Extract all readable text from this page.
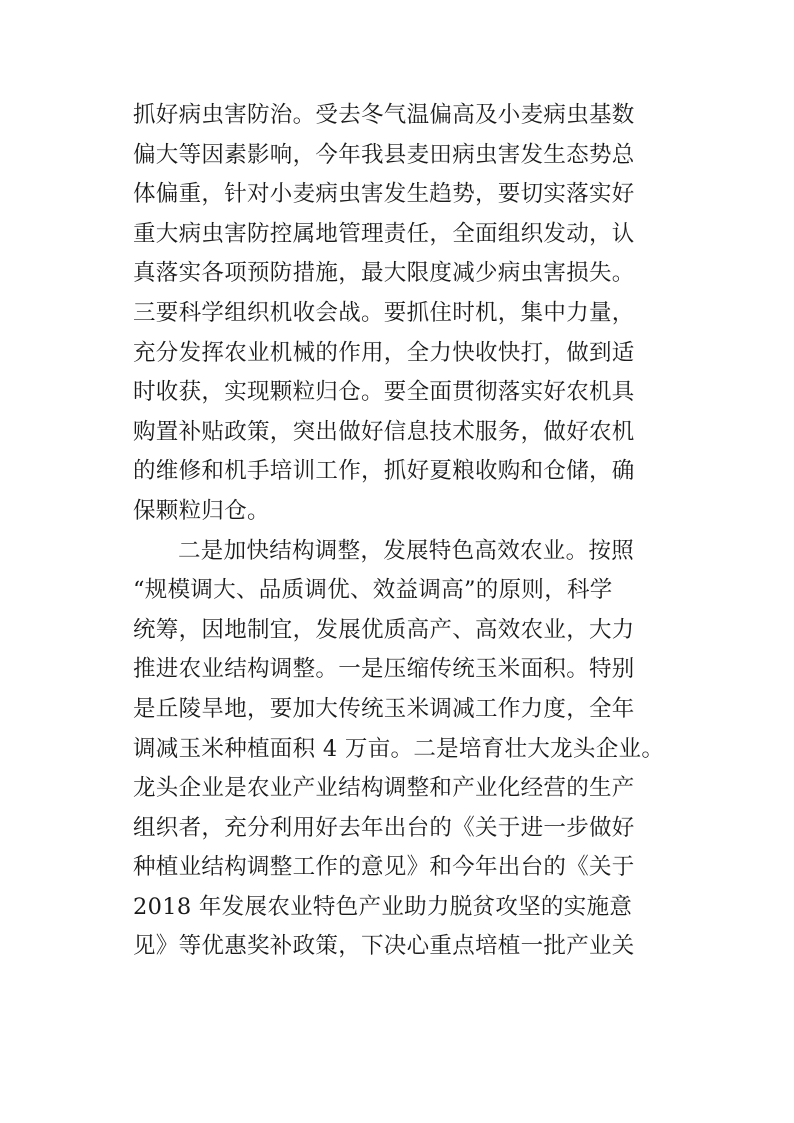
抓好病虫害防治。受去冬气温偏高及小麦病虫基数
偏大等因素影响，今年我县麦田病虫害发生态势总
体偏重，针对小麦病虫害发生趋势，要切实落实好
重大病虫害防控属地管理责任，全面组织发动，认
真落实各项预防措施，最大限度减少病虫害损失。
三要科学组织机收会战。要抓住时机，集中力量，
充分发挥农业机械的作用，全力快收快打，做到适
时收获，实现颗粒归仓。要全面贯彻落实好农机具
购置补贴政策，突出做好信息技术服务，做好农机
的维修和机手培训工作，抓好夏粮收购和仓储，确
保颗粒归仓。
二是加快结构调整，发展特色高效农业。按照
“规模调大、品质调优、效益调高”的原则，科学
统筹，因地制宜，发展优质高产、高效农业，大力
推进农业结构调整。一是压缩传统玉米面积。特别
是丘陵旱地，要加大传统玉米调减工作力度，全年
调减玉米种植面积 4 万亩。二是培育壮大龙头企业。
龙头企业是农业产业结构调整和产业化经营的生产
组织者，充分利用好去年出台的《关于进一步做好
种植业结构调整工作的意见》和今年出台的《关于
2018 年发展农业特色产业助力脱贫攻坚的实施意
见》等优惠奖补政策，下决心重点培植一批产业关
